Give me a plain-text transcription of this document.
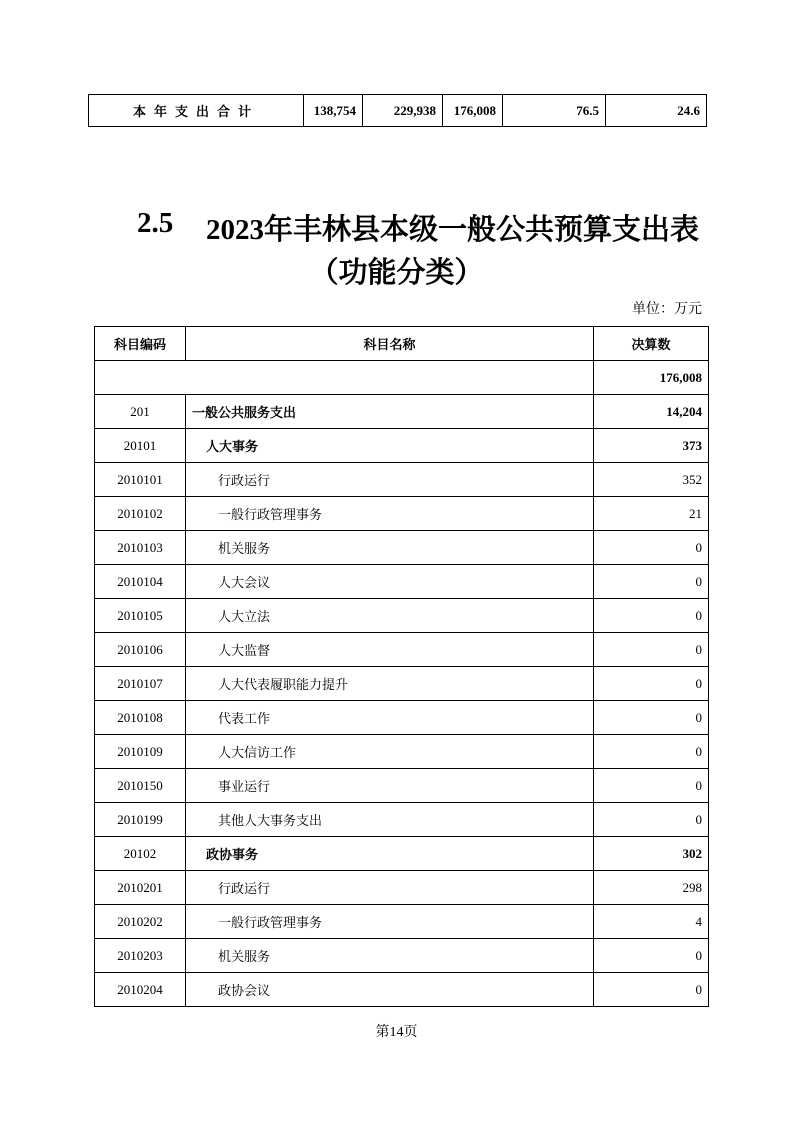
本年支出合计	138,754	229,938	176,008	76.5	24.6
2.5 2023年丰林县本级一般公共预算支出表
（功能分类）
单位：万元
科目编码	科目名称	决算数
		176,008
201	一般公共服务支出	14,204
20101	人大事务	373
2010101	行政运行	352
2010102	一般行政管理事务	21
2010103	机关服务	0
2010104	人大会议	0
2010105	人大立法	0
2010106	人大监督	0
2010107	人大代表履职能力提升	0
2010108	代表工作	0
2010109	人大信访工作	0
2010150	事业运行	0
2010199	其他人大事务支出	0
20102	政协事务	302
2010201	行政运行	298
2010202	一般行政管理事务	4
2010203	机关服务	0
2010204	政协会议	0
第14页
